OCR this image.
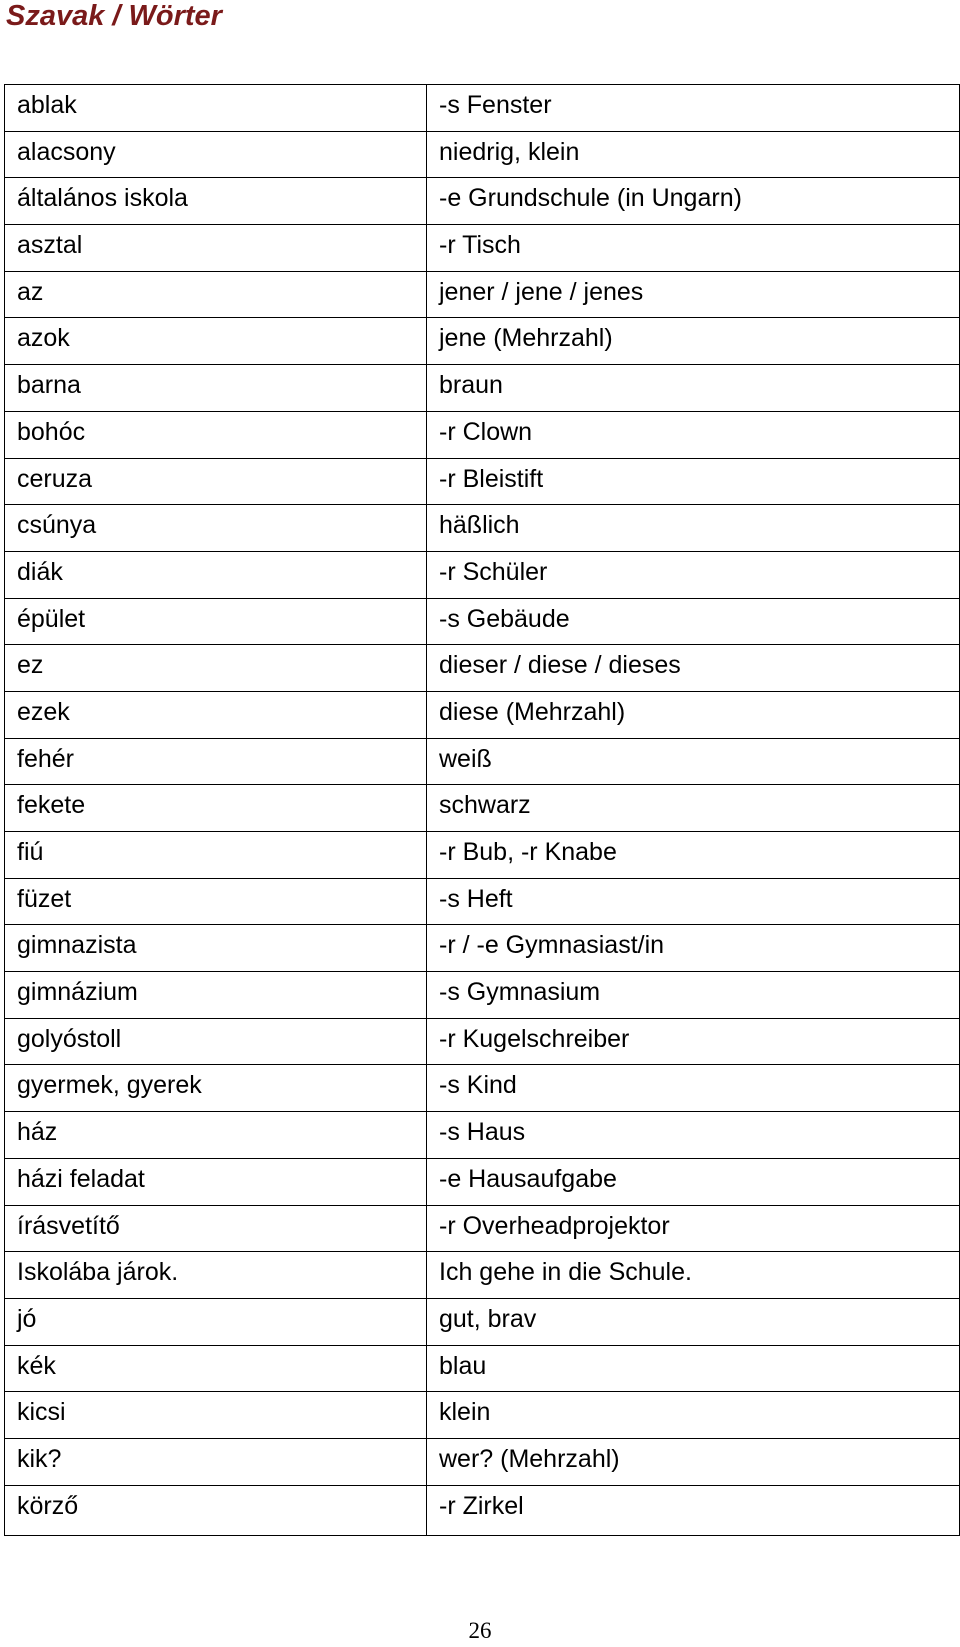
Szavak / Wörter
ablak	-s Fenster
alacsony	niedrig, klein
általános iskola	-e Grundschule (in Ungarn)
asztal	-r Tisch
az	jener / jene / jenes
azok	jene (Mehrzahl)
barna	braun
bohóc	-r Clown
ceruza	-r Bleistift
csúnya	häßlich
diák	-r Schüler
épület	-s Gebäude
ez	dieser / diese / dieses
ezek	diese (Mehrzahl)
fehér	weiß
fekete	schwarz
fiú	-r Bub, -r Knabe
füzet	-s Heft
gimnazista	-r / -e Gymnasiast/in
gimnázium	-s Gymnasium
golyóstoll	-r Kugelschreiber
gyermek, gyerek	-s Kind
ház	-s Haus
házi feladat	-e Hausaufgabe
írásvetítő	-r Overheadprojektor
Iskolába járok.	Ich gehe in die Schule.
jó	gut, brav
kék	blau
kicsi	klein
kik?	wer? (Mehrzahl)
körző	-r Zirkel
26
